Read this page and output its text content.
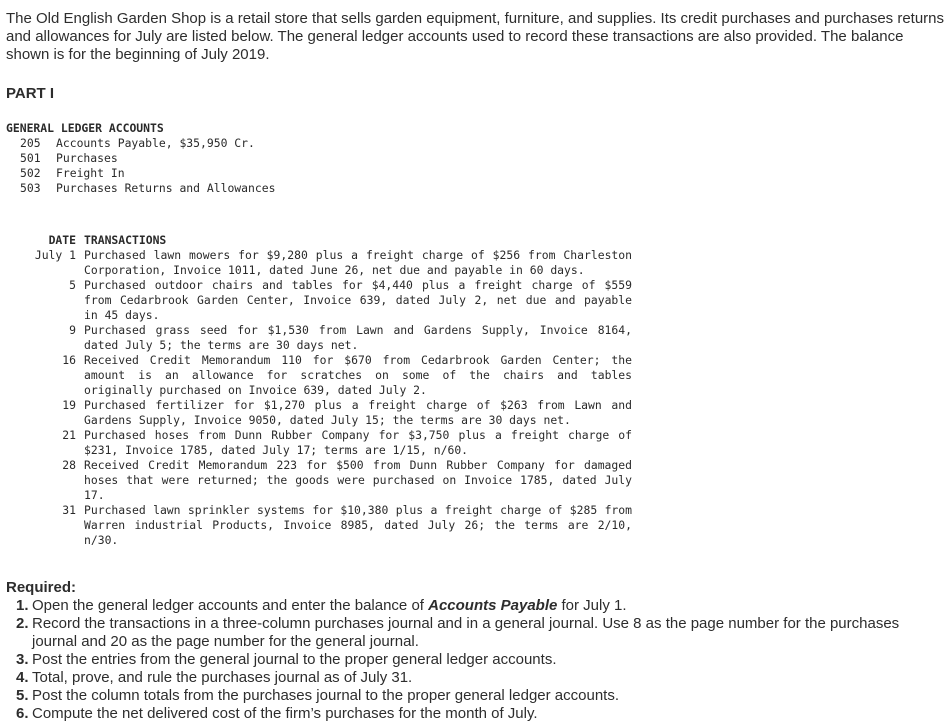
The Old English Garden Shop is a retail store that sells garden equipment, furniture, and supplies. Its credit purchases and purchases returns and allowances for July are listed below. The general ledger accounts used to record these transactions are also provided. The balance shown is for the beginning of July 2019.

PART I

GENERAL LEDGER ACCOUNTS
205	Accounts Payable, $35,950 Cr.
501	Purchases
502	Freight In
503	Purchases Returns and Allowances
DATE TRANSACTIONS
July 1 Purchased lawn mowers for $9,280 plus a freight charge of $256 from Charleston Corporation, Invoice 1011, dated June 26, net due and payable in 60 days.
5 Purchased outdoor chairs and tables for $4,440 plus a freight charge of $559 from Cedarbrook Garden Center, Invoice 639, dated July 2, net due and payable in 45 days.
9 Purchased grass seed for $1,530 from Lawn and Gardens Supply, Invoice 8164, dated July 5; the terms are 30 days net.
16 Received Credit Memorandum 110 for $670 from Cedarbrook Garden Center; the amount is an allowance for scratches on some of the chairs and tables originally purchased on Invoice 639, dated July 2.
19 Purchased fertilizer for $1,270 plus a freight charge of $263 from Lawn and Gardens Supply, Invoice 9050, dated July 15; the terms are 30 days net.
21 Purchased hoses from Dunn Rubber Company for $3,750 plus a freight charge of $231, Invoice 1785, dated July 17; terms are 1/15, n/60.
28 Received Credit Memorandum 223 for $500 from Dunn Rubber Company for damaged hoses that were returned; the goods were purchased on Invoice 1785, dated July 17.
31 Purchased lawn sprinkler systems for $10,380 plus a freight charge of $285 from Warren industrial Products, Invoice 8985, dated July 26; the terms are 2/10, n/30.
Required:
1. Open the general ledger accounts and enter the balance of Accounts Payable for July 1.
2. Record the transactions in a three-column purchases journal and in a general journal. Use 8 as the page number for the purchases journal and 20 as the page number for the general journal.
3. Post the entries from the general journal to the proper general ledger accounts.
4. Total, prove, and rule the purchases journal as of July 31.
5. Post the column totals from the purchases journal to the proper general ledger accounts.
6. Compute the net delivered cost of the firm’s purchases for the month of July.
